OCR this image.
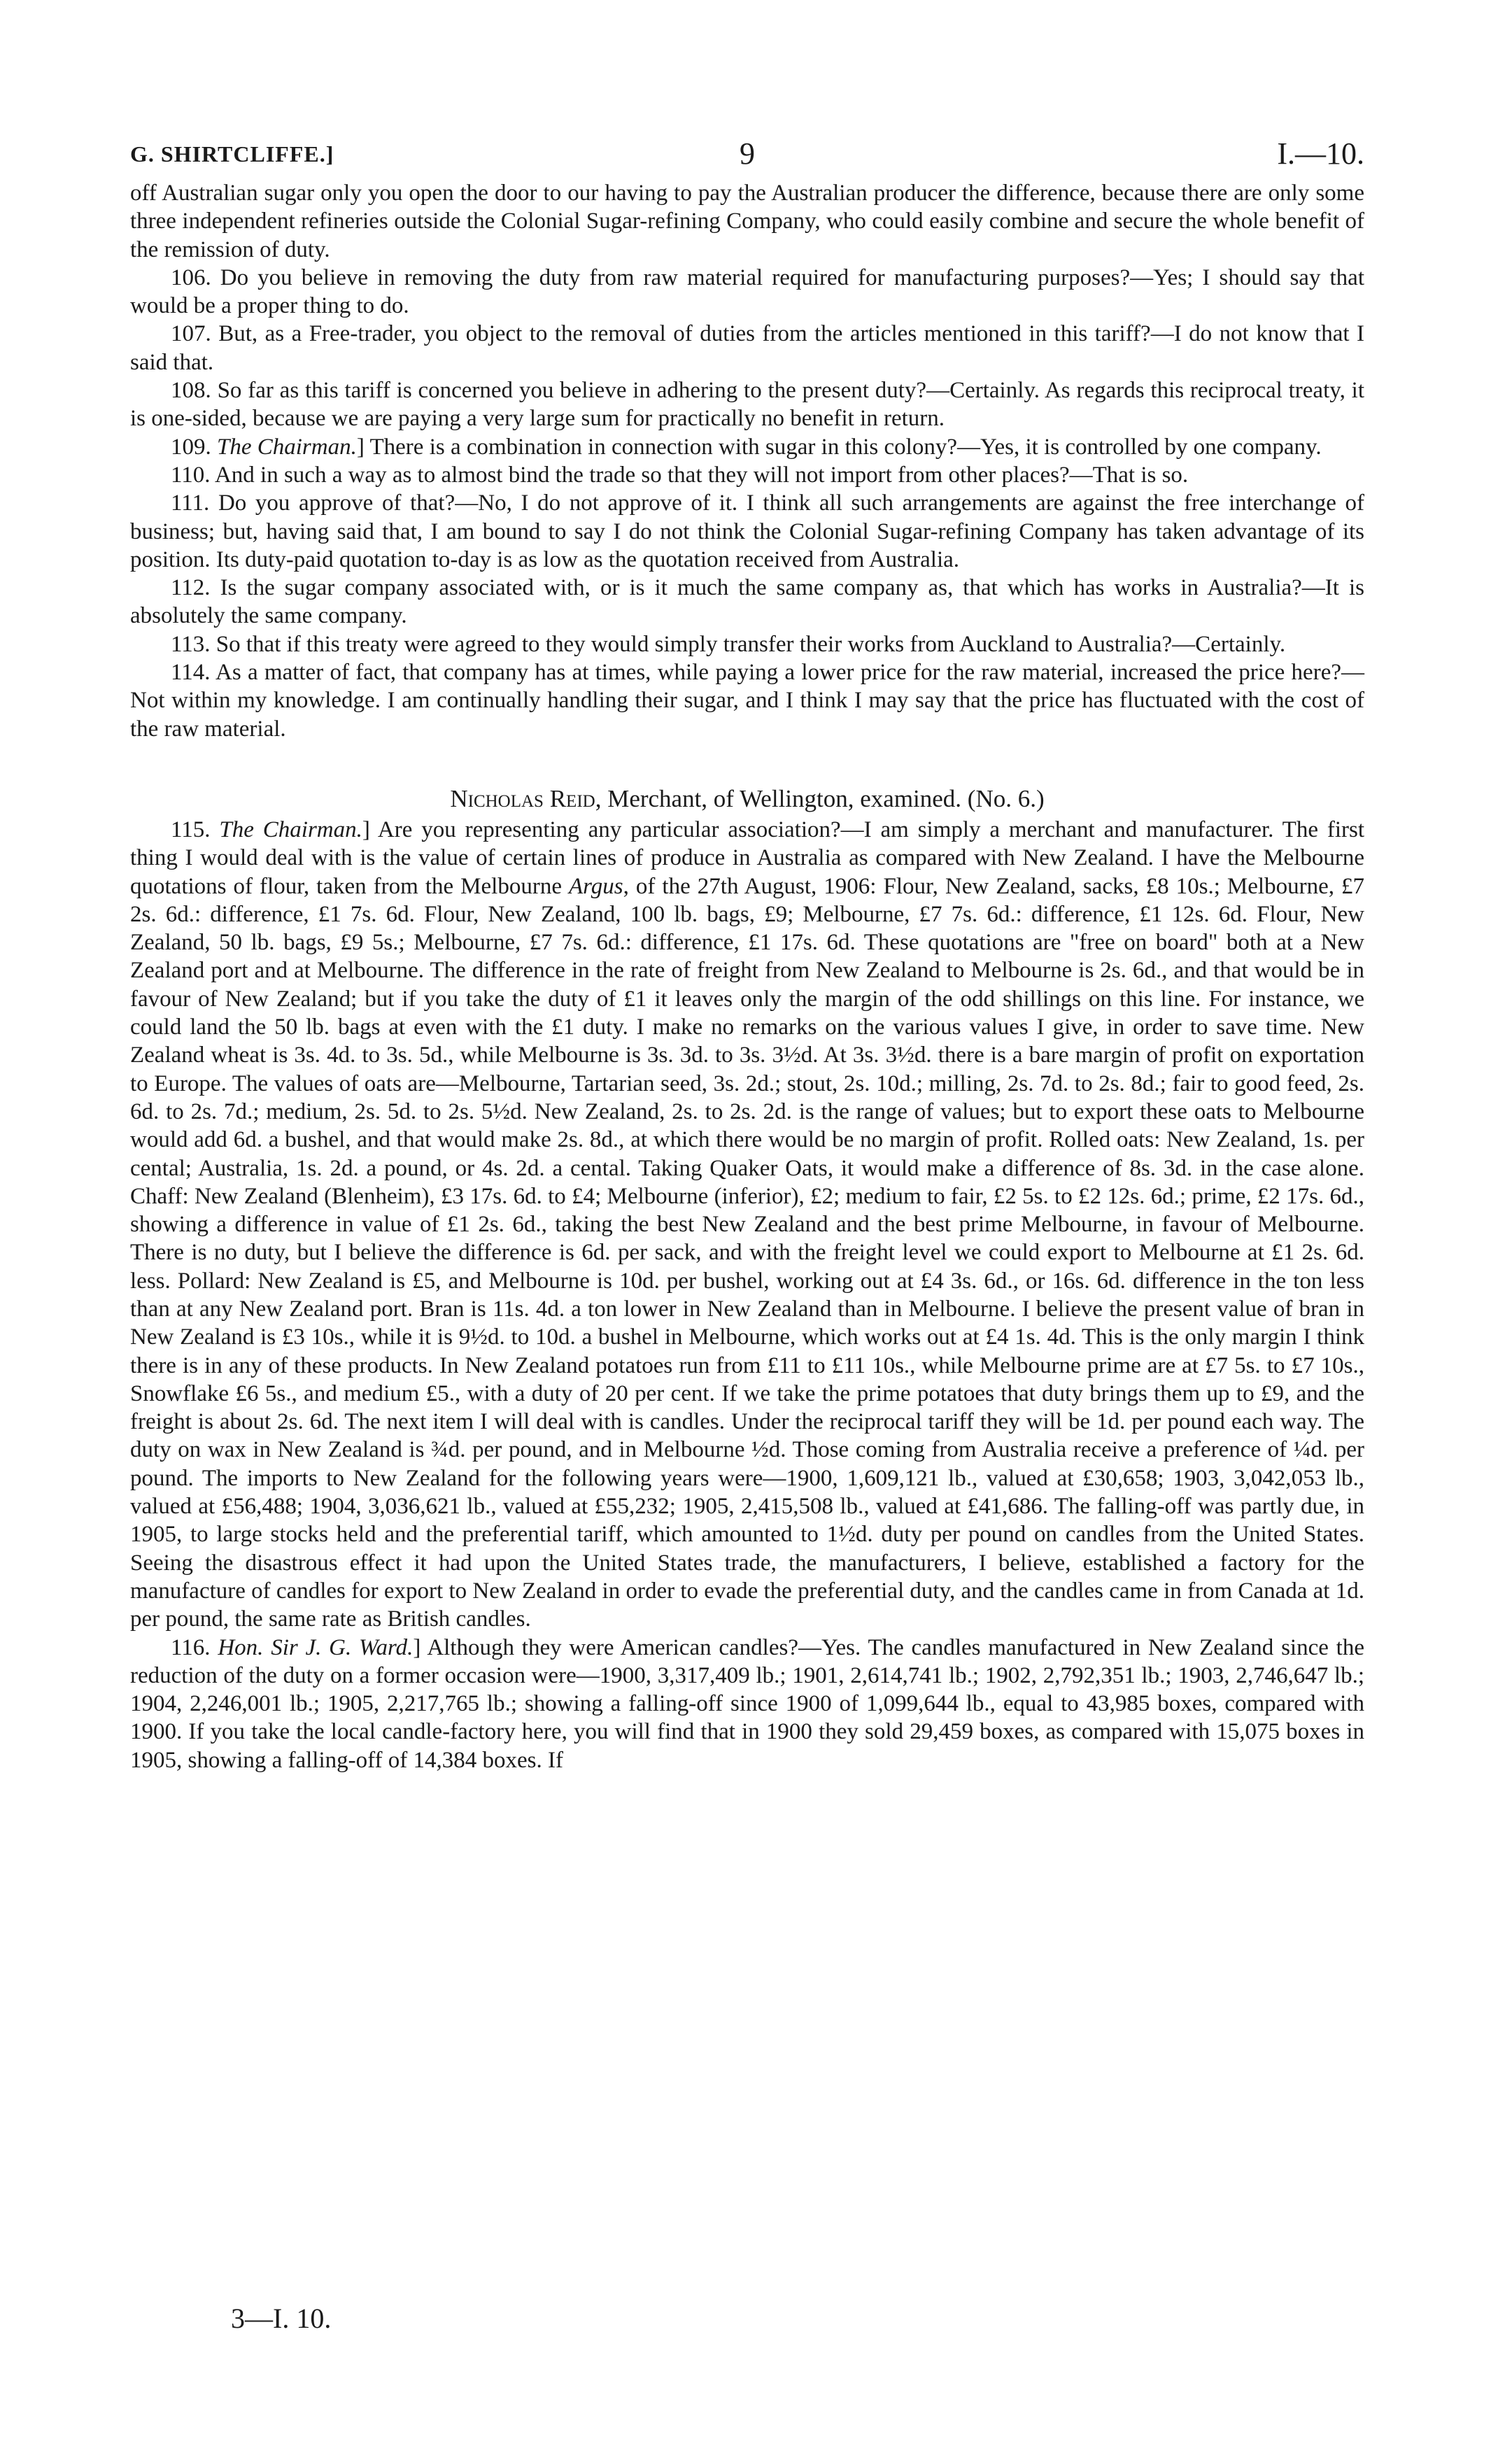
G. SHIRTCLIFFE.]	9	I.—10.

off Australian sugar only you open the door to our having to pay the Australian producer the difference, because there are only some three independent refineries outside the Colonial Sugar-refining Company, who could easily combine and secure the whole benefit of the remission of duty.

106. Do you believe in removing the duty from raw material required for manufacturing purposes?—Yes; I should say that would be a proper thing to do.

107. But, as a Free-trader, you object to the removal of duties from the articles mentioned in this tariff?—I do not know that I said that.

108. So far as this tariff is concerned you believe in adhering to the present duty?—Certainly. As regards this reciprocal treaty, it is one-sided, because we are paying a very large sum for practically no benefit in return.

109. The Chairman.] There is a combination in connection with sugar in this colony?—Yes, it is controlled by one company.

110. And in such a way as to almost bind the trade so that they will not import from other places?—That is so.

111. Do you approve of that?—No, I do not approve of it. I think all such arrangements are against the free interchange of business; but, having said that, I am bound to say I do not think the Colonial Sugar-refining Company has taken advantage of its position. Its duty-paid quotation to-day is as low as the quotation received from Australia.

112. Is the sugar company associated with, or is it much the same company as, that which has works in Australia?—It is absolutely the same company.

113. So that if this treaty were agreed to they would simply transfer their works from Auckland to Australia?—Certainly.

114. As a matter of fact, that company has at times, while paying a lower price for the raw material, increased the price here?—Not within my knowledge. I am continually handling their sugar, and I think I may say that the price has fluctuated with the cost of the raw material.

Nicholas Reid, Merchant, of Wellington, examined. (No. 6.)

115. The Chairman.] Are you representing any particular association?—I am simply a merchant and manufacturer. The first thing I would deal with is the value of certain lines of produce in Australia as compared with New Zealand. I have the Melbourne quotations of flour, taken from the Melbourne Argus, of the 27th August, 1906: Flour, New Zealand, sacks, £8 10s.; Melbourne, £7 2s. 6d.: difference, £1 7s. 6d. Flour, New Zealand, 100 lb. bags, £9; Melbourne, £7 7s. 6d.: difference, £1 12s. 6d. Flour, New Zealand, 50 lb. bags, £9 5s.; Melbourne, £7 7s. 6d.: difference, £1 17s. 6d. These quotations are "free on board" both at a New Zealand port and at Melbourne. The difference in the rate of freight from New Zealand to Melbourne is 2s. 6d., and that would be in favour of New Zealand; but if you take the duty of £1 it leaves only the margin of the odd shillings on this line. For instance, we could land the 50 lb. bags at even with the £1 duty. I make no remarks on the various values I give, in order to save time. New Zealand wheat is 3s. 4d. to 3s. 5d., while Melbourne is 3s. 3d. to 3s. 3½d. At 3s. 3½d. there is a bare margin of profit on exportation to Europe. The values of oats are—Melbourne, Tartarian seed, 3s. 2d.; stout, 2s. 10d.; milling, 2s. 7d. to 2s. 8d.; fair to good feed, 2s. 6d. to 2s. 7d.; medium, 2s. 5d. to 2s. 5½d. New Zealand, 2s. to 2s. 2d. is the range of values; but to export these oats to Melbourne would add 6d. a bushel, and that would make 2s. 8d., at which there would be no margin of profit. Rolled oats: New Zealand, 1s. per cental; Australia, 1s. 2d. a pound, or 4s. 2d. a cental. Taking Quaker Oats, it would make a difference of 8s. 3d. in the case alone. Chaff: New Zealand (Blenheim), £3 17s. 6d. to £4; Melbourne (inferior), £2; medium to fair, £2 5s. to £2 12s. 6d.; prime, £2 17s. 6d., showing a difference in value of £1 2s. 6d., taking the best New Zealand and the best prime Melbourne, in favour of Melbourne. There is no duty, but I believe the difference is 6d. per sack, and with the freight level we could export to Melbourne at £1 2s. 6d. less. Pollard: New Zealand is £5, and Melbourne is 10d. per bushel, working out at £4 3s. 6d., or 16s. 6d. difference in the ton less than at any New Zealand port. Bran is 11s. 4d. a ton lower in New Zealand than in Melbourne. I believe the present value of bran in New Zealand is £3 10s., while it is 9½d. to 10d. a bushel in Melbourne, which works out at £4 1s. 4d. This is the only margin I think there is in any of these products. In New Zealand potatoes run from £11 to £11 10s., while Melbourne prime are at £7 5s. to £7 10s., Snowflake £6 5s., and medium £5., with a duty of 20 per cent. If we take the prime potatoes that duty brings them up to £9, and the freight is about 2s. 6d. The next item I will deal with is candles. Under the reciprocal tariff they will be 1d. per pound each way. The duty on wax in New Zealand is ¾d. per pound, and in Melbourne ½d. Those coming from Australia receive a preference of ¼d. per pound. The imports to New Zealand for the following years were—1900, 1,609,121 lb., valued at £30,658; 1903, 3,042,053 lb., valued at £56,488; 1904, 3,036,621 lb., valued at £55,232; 1905, 2,415,508 lb., valued at £41,686. The falling-off was partly due, in 1905, to large stocks held and the preferential tariff, which amounted to 1½d. duty per pound on candles from the United States. Seeing the disastrous effect it had upon the United States trade, the manufacturers, I believe, established a factory for the manufacture of candles for export to New Zealand in order to evade the preferential duty, and the candles came in from Canada at 1d. per pound, the same rate as British candles.

116. Hon. Sir J. G. Ward.] Although they were American candles?—Yes. The candles manufactured in New Zealand since the reduction of the duty on a former occasion were—1900, 3,317,409 lb.; 1901, 2,614,741 lb.; 1902, 2,792,351 lb.; 1903, 2,746,647 lb.; 1904, 2,246,001 lb.; 1905, 2,217,765 lb.; showing a falling-off since 1900 of 1,099,644 lb., equal to 43,985 boxes, compared with 1900. If you take the local candle-factory here, you will find that in 1900 they sold 29,459 boxes, as compared with 15,075 boxes in 1905, showing a falling-off of 14,384 boxes. If

3—I. 10.
